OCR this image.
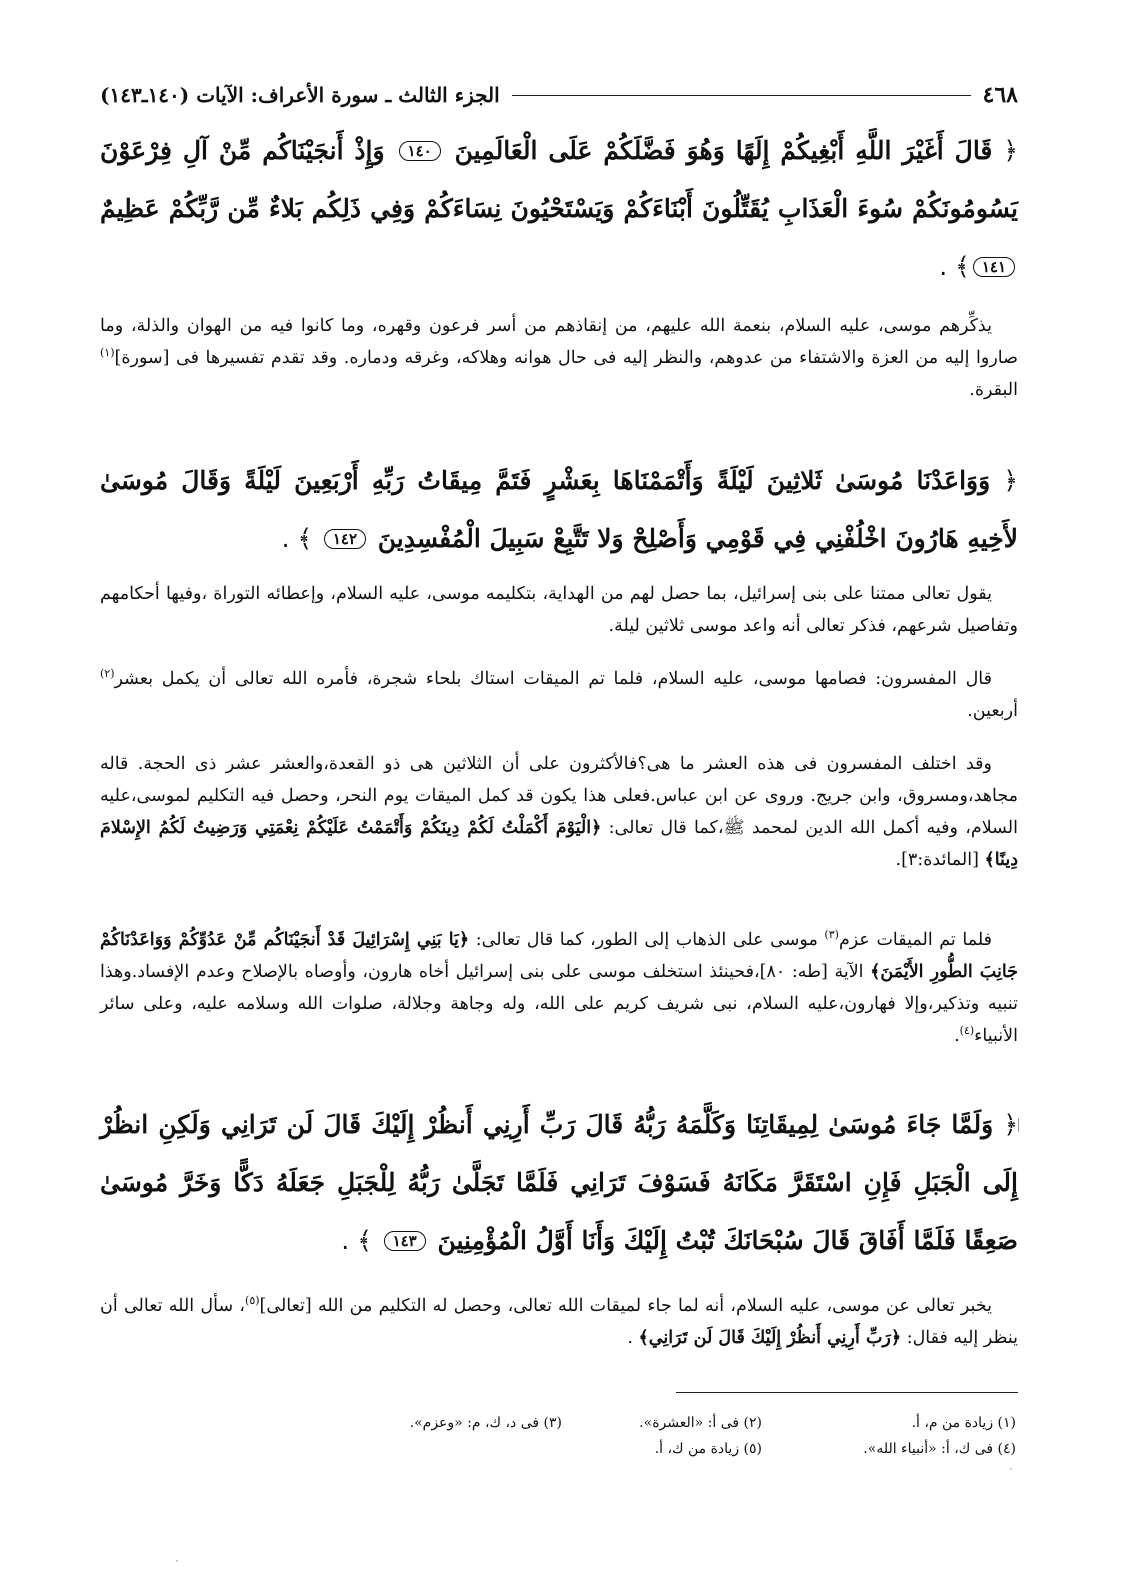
٤٦٨
الجزء الثالث ـ سورة الأعراف: الآيات (١٤٠ـ١٤٣)

﴿ قَالَ أَغَيْرَ اللَّهِ أَبْغِيكُمْ إِلَهًا وَهُوَ فَضَّلَكُمْ عَلَى الْعَالَمِينَ ١٤٠ وَإِذْ أَنجَيْنَاكُم مِّنْ آلِ فِرْعَوْنَ يَسُومُونَكُمْ سُوءَ الْعَذَابِ يُقَتِّلُونَ أَبْنَاءَكُمْ وَيَسْتَحْيُونَ نِسَاءَكُمْ وَفِي ذَلِكُم بَلاءٌ مِّن رَّبِّكُمْ عَظِيمٌ١٤١﴾ .

يذكِّرهم موسى، عليه السلام، بنعمة الله عليهم، من إنقاذهم من أسر فرعون وقهره، وما كانوا فيه من الهوان والذلة، وما صاروا إليه من العزة والاشتفاء من عدوهم، والنظر إليه فى حال هوانه وهلاكه، وغرقه ودماره. وقد تقدم تفسيرها فى [سورة]$^{(١)}$ البقرة.

﴿ وَوَاعَدْنَا مُوسَىٰ ثَلاثِينَ لَيْلَةً وَأَتْمَمْنَاهَا بِعَشْرٍ فَتَمَّ مِيقَاتُ رَبِّهِ أَرْبَعِينَ لَيْلَةً وَقَالَ مُوسَىٰ لأَخِيهِ هَارُونَ اخْلُفْنِي فِي قَوْمِي وَأَصْلِحْ وَلا تَتَّبِعْ سَبِيلَ الْمُفْسِدِينَ ١٤٢ ﴾ .

يقول تعالى ممتنا على بنى إسرائيل، بما حصل لهم من الهداية، بتكليمه موسى، عليه السلام، وإعطائه التوراة ،وفيها أحكامهم وتفاصيل شرعهم، فذكر تعالى أنه واعد موسى ثلاثين ليلة.

قال المفسرون: فصامها موسى، عليه السلام، فلما تم الميقات استاك بلحاء شجرة، فأمره الله تعالى أن يكمل بعشر$^{(٢)}$ أربعين.

وقد اختلف المفسرون فى هذه العشر ما هى؟فالأكثرون على أن الثلاثين هى ذو القعدة،والعشر عشر ذى الحجة. قاله مجاهد،ومسروق، وابن جريج. وروى عن ابن عباس.فعلى هذا يكون قد كمل الميقات يوم النحر، وحصل فيه التكليم لموسى،عليه السلام، وفيه أكمل الله الدين لمحمد ﷺ،كما قال تعالى: ﴿الْيَوْمَ أَكْمَلْتُ لَكُمْ دِينَكُمْ وَأَتْمَمْتُ عَلَيْكُمْ نِعْمَتِي وَرَضِيتُ لَكُمُ الإِسْلامَ دِينًا﴾ [المائدة:٣].

فلما تم الميقات عزم$^{(٣)}$ موسى على الذهاب إلى الطور، كما قال تعالى: ﴿يَا بَنِي إِسْرَائِيلَ قَدْ أَنجَيْنَاكُم مِّنْ عَدُوِّكُمْ وَوَاعَدْنَاكُمْ جَانِبَ الطُّورِ الأَيْمَنَ﴾ الآية [طه: ٨٠]،فحينئذ استخلف موسى على بنى إسرائيل أخاه هارون، وأوصاه بالإصلاح وعدم الإفساد.وهذا تنبيه وتذكير،وإلا فهارون،عليه السلام، نبى شريف كريم على الله، وله وجاهة وجلالة، صلوات الله وسلامه عليه، وعلى سائر الأنبياء$^{(٤)}$.

﴿ وَلَمَّا جَاءَ مُوسَىٰ لِمِيقَاتِنَا وَكَلَّمَهُ رَبُّهُ قَالَ رَبِّ أَرِنِي أَنظُرْ إِلَيْكَ قَالَ لَن تَرَانِي وَلَكِنِ انظُرْ إِلَى الْجَبَلِ فَإِنِ اسْتَقَرَّ مَكَانَهُ فَسَوْفَ تَرَانِي فَلَمَّا تَجَلَّىٰ رَبُّهُ لِلْجَبَلِ جَعَلَهُ دَكًّا وَخَرَّ مُوسَىٰ صَعِقًا فَلَمَّا أَفَاقَ قَالَ سُبْحَانَكَ تُبْتُ إِلَيْكَ وَأَنَا أَوَّلُ الْمُؤْمِنِينَ ١٤٣ ﴾ .

يخبر تعالى عن موسى، عليه السلام، أنه لما جاء لميقات الله تعالى، وحصل له التكليم من الله [تعالى]$^{(٥)}$، سأل الله تعالى أن ينظر إليه فقال: ﴿رَبِّ أَرِنِي أَنظُرْ إِلَيْكَ قَالَ لَن تَرَانِي﴾ .

(١) زيادة من م، أ.
(٢) فى أ: «العشرة».
(٣) فى د، ك، م: «وعزم».
(٤) فى ك، أ: «أنبياء الله».
(٥) زيادة من ك، أ.
